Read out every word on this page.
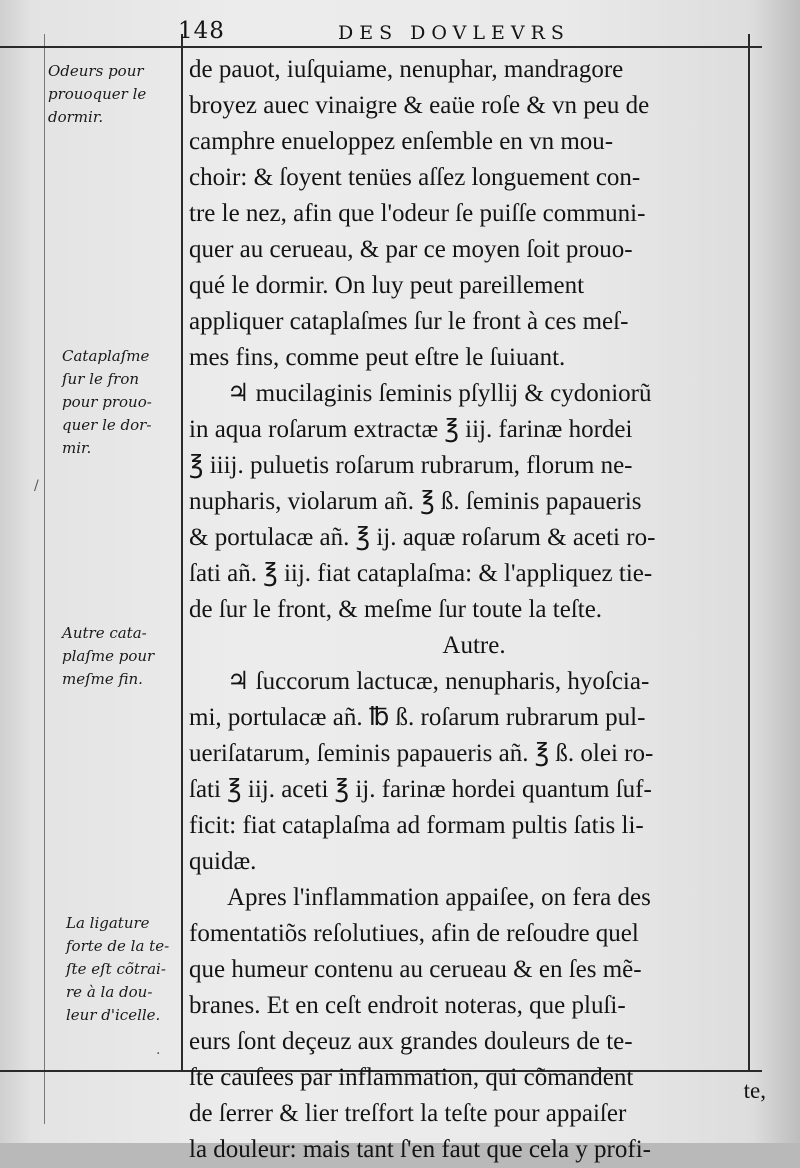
148	DES DOVLEVRS
Odeurs pour
prouoquer le
dormir.
Cataplaſme
ſur le fron
pour prouo-
quer le dor-
mir.
Autre cata-
plaſme pour
meſme fin.
La ligature
forte de la te-
ſte eſt cõtrai-
re à la dou-
leur d'icelle.
de pauot, iuſquiame, nenuphar, mandragore
broyez auec vinaigre & eaüe roſe & vn peu de
camphre enueloppez enſemble en vn mou-
choir: & ſoyent tenües aſſez longuement con-
tre le nez, afin que l'odeur ſe puiſſe communi-
quer au cerueau, & par ce moyen ſoit prouo-
qué le dormir. On luy peut pareillement
appliquer cataplaſmes ſur le front à ces meſ-
mes fins, comme peut eſtre le ſuiuant.
♃ mucilaginis ſeminis pſyllij & cydoniorũ
in aqua roſarum extractæ ℥ iij. farinæ hordei
℥ iiij. puluetis roſarum rubrarum, florum ne-
nupharis, violarum añ. ℥ ß. ſeminis papaueris
& portulacæ añ. ℥ ij. aquæ roſarum & aceti ro-
ſati añ. ℥ iij. fiat cataplaſma: & l'appliquez tie-
de ſur le front, & meſme ſur toute la teſte.
Autre.
♃ ſuccorum lactucæ, nenupharis, hyoſcia-
mi, portulacæ añ. ℔ ß. roſarum rubrarum pul-
ueriſatarum, ſeminis papaueris añ. ℥ ß. olei ro-
ſati ℥ iij. aceti ℥ ij. farinæ hordei quantum ſuf-
ficit: fiat cataplaſma ad formam pultis ſatis li-
quidæ.
Apres l'inflammation appaiſee, on fera des
fomentatiõs reſolutiues, afin de reſoudre quel
que humeur contenu au cerueau & en ſes mẽ-
branes. Et en ceſt endroit noteras, que pluſi-
eurs ſont deçeuz aux grandes douleurs de te-
ſte cauſees par inflammation, qui cõmandent
de ſerrer & lier treſfort la teſte pour appaiſer
la douleur: mais tant ſ'en faut que cela y profi-
te,
/
·
